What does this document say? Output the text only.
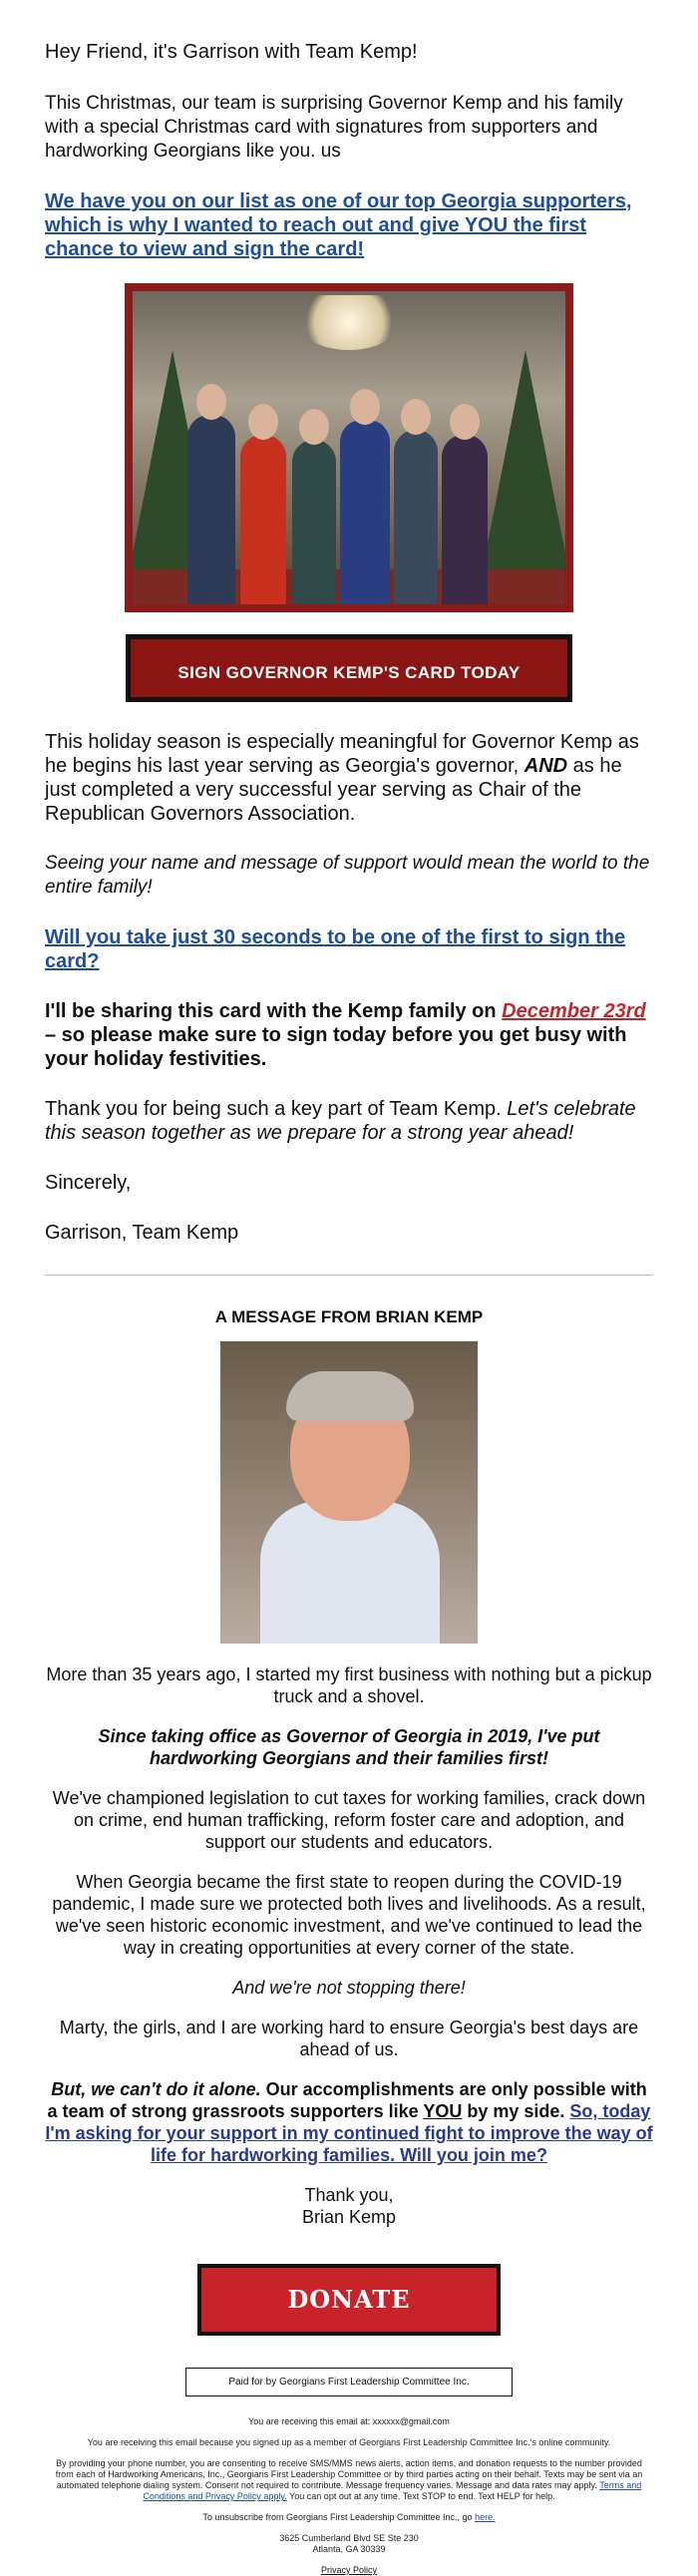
Hey Friend, it's Garrison with Team Kemp!

This Christmas, our team is surprising Governor Kemp and his family with a special Christmas card with signatures from supporters and hardworking Georgians like you. us

We have you on our list as one of our top Georgia supporters, which is why I wanted to reach out and give YOU the first chance to view and sign the card!

SIGN GOVERNOR KEMP'S CARD TODAY

This holiday season is especially meaningful for Governor Kemp as he begins his last year serving as Georgia's governor, AND as he just completed a very successful year serving as Chair of the Republican Governors Association.

Seeing your name and message of support would mean the world to the entire family!

Will you take just 30 seconds to be one of the first to sign the card?

I'll be sharing this card with the Kemp family on December 23rd – so please make sure to sign today before you get busy with your holiday festivities.

Thank you for being such a key part of Team Kemp. Let's celebrate this season together as we prepare for a strong year ahead!

Sincerely,

Garrison, Team Kemp

A MESSAGE FROM BRIAN KEMP

More than 35 years ago, I started my first business with nothing but a pickup truck and a shovel.

Since taking office as Governor of Georgia in 2019, I've put hardworking Georgians and their families first!

We've championed legislation to cut taxes for working families, crack down on crime, end human trafficking, reform foster care and adoption, and support our students and educators.

When Georgia became the first state to reopen during the COVID-19 pandemic, I made sure we protected both lives and livelihoods. As a result, we've seen historic economic investment, and we've continued to lead the way in creating opportunities at every corner of the state.

And we're not stopping there!

Marty, the girls, and I are working hard to ensure Georgia's best days are ahead of us.

But, we can't do it alone. Our accomplishments are only possible with a team of strong grassroots supporters like YOU by my side. So, today I'm asking for your support in my continued fight to improve the way of life for hardworking families. Will you join me?

Thank you,

Brian Kemp

DONATE
Paid for by Georgians First Leadership Committee Inc.

You are receiving this email at: xxxxxx@gmail.com

You are receiving this email because you signed up as a member of Georgians First Leadership Committee Inc.'s online community.

By providing your phone number, you are consenting to receive SMS/MMS news alerts, action items, and donation requests to the number provided from each of Hardworking Americans, Inc., Georgians First Leadership Committee or by third parties acting on their behalf. Texts may be sent via an automated telephone dialing system. Consent not required to contribute. Message frequency varies. Message and data rates may apply. Terms and Conditions and Privacy Policy apply. You can opt out at any time. Text STOP to end. Text HELP for help.

To unsubscribe from Georgians First Leadership Committee Inc., go here.

3625 Cumberland Blvd SE Ste 230

Atlanta, GA 30339

Privacy Policy
